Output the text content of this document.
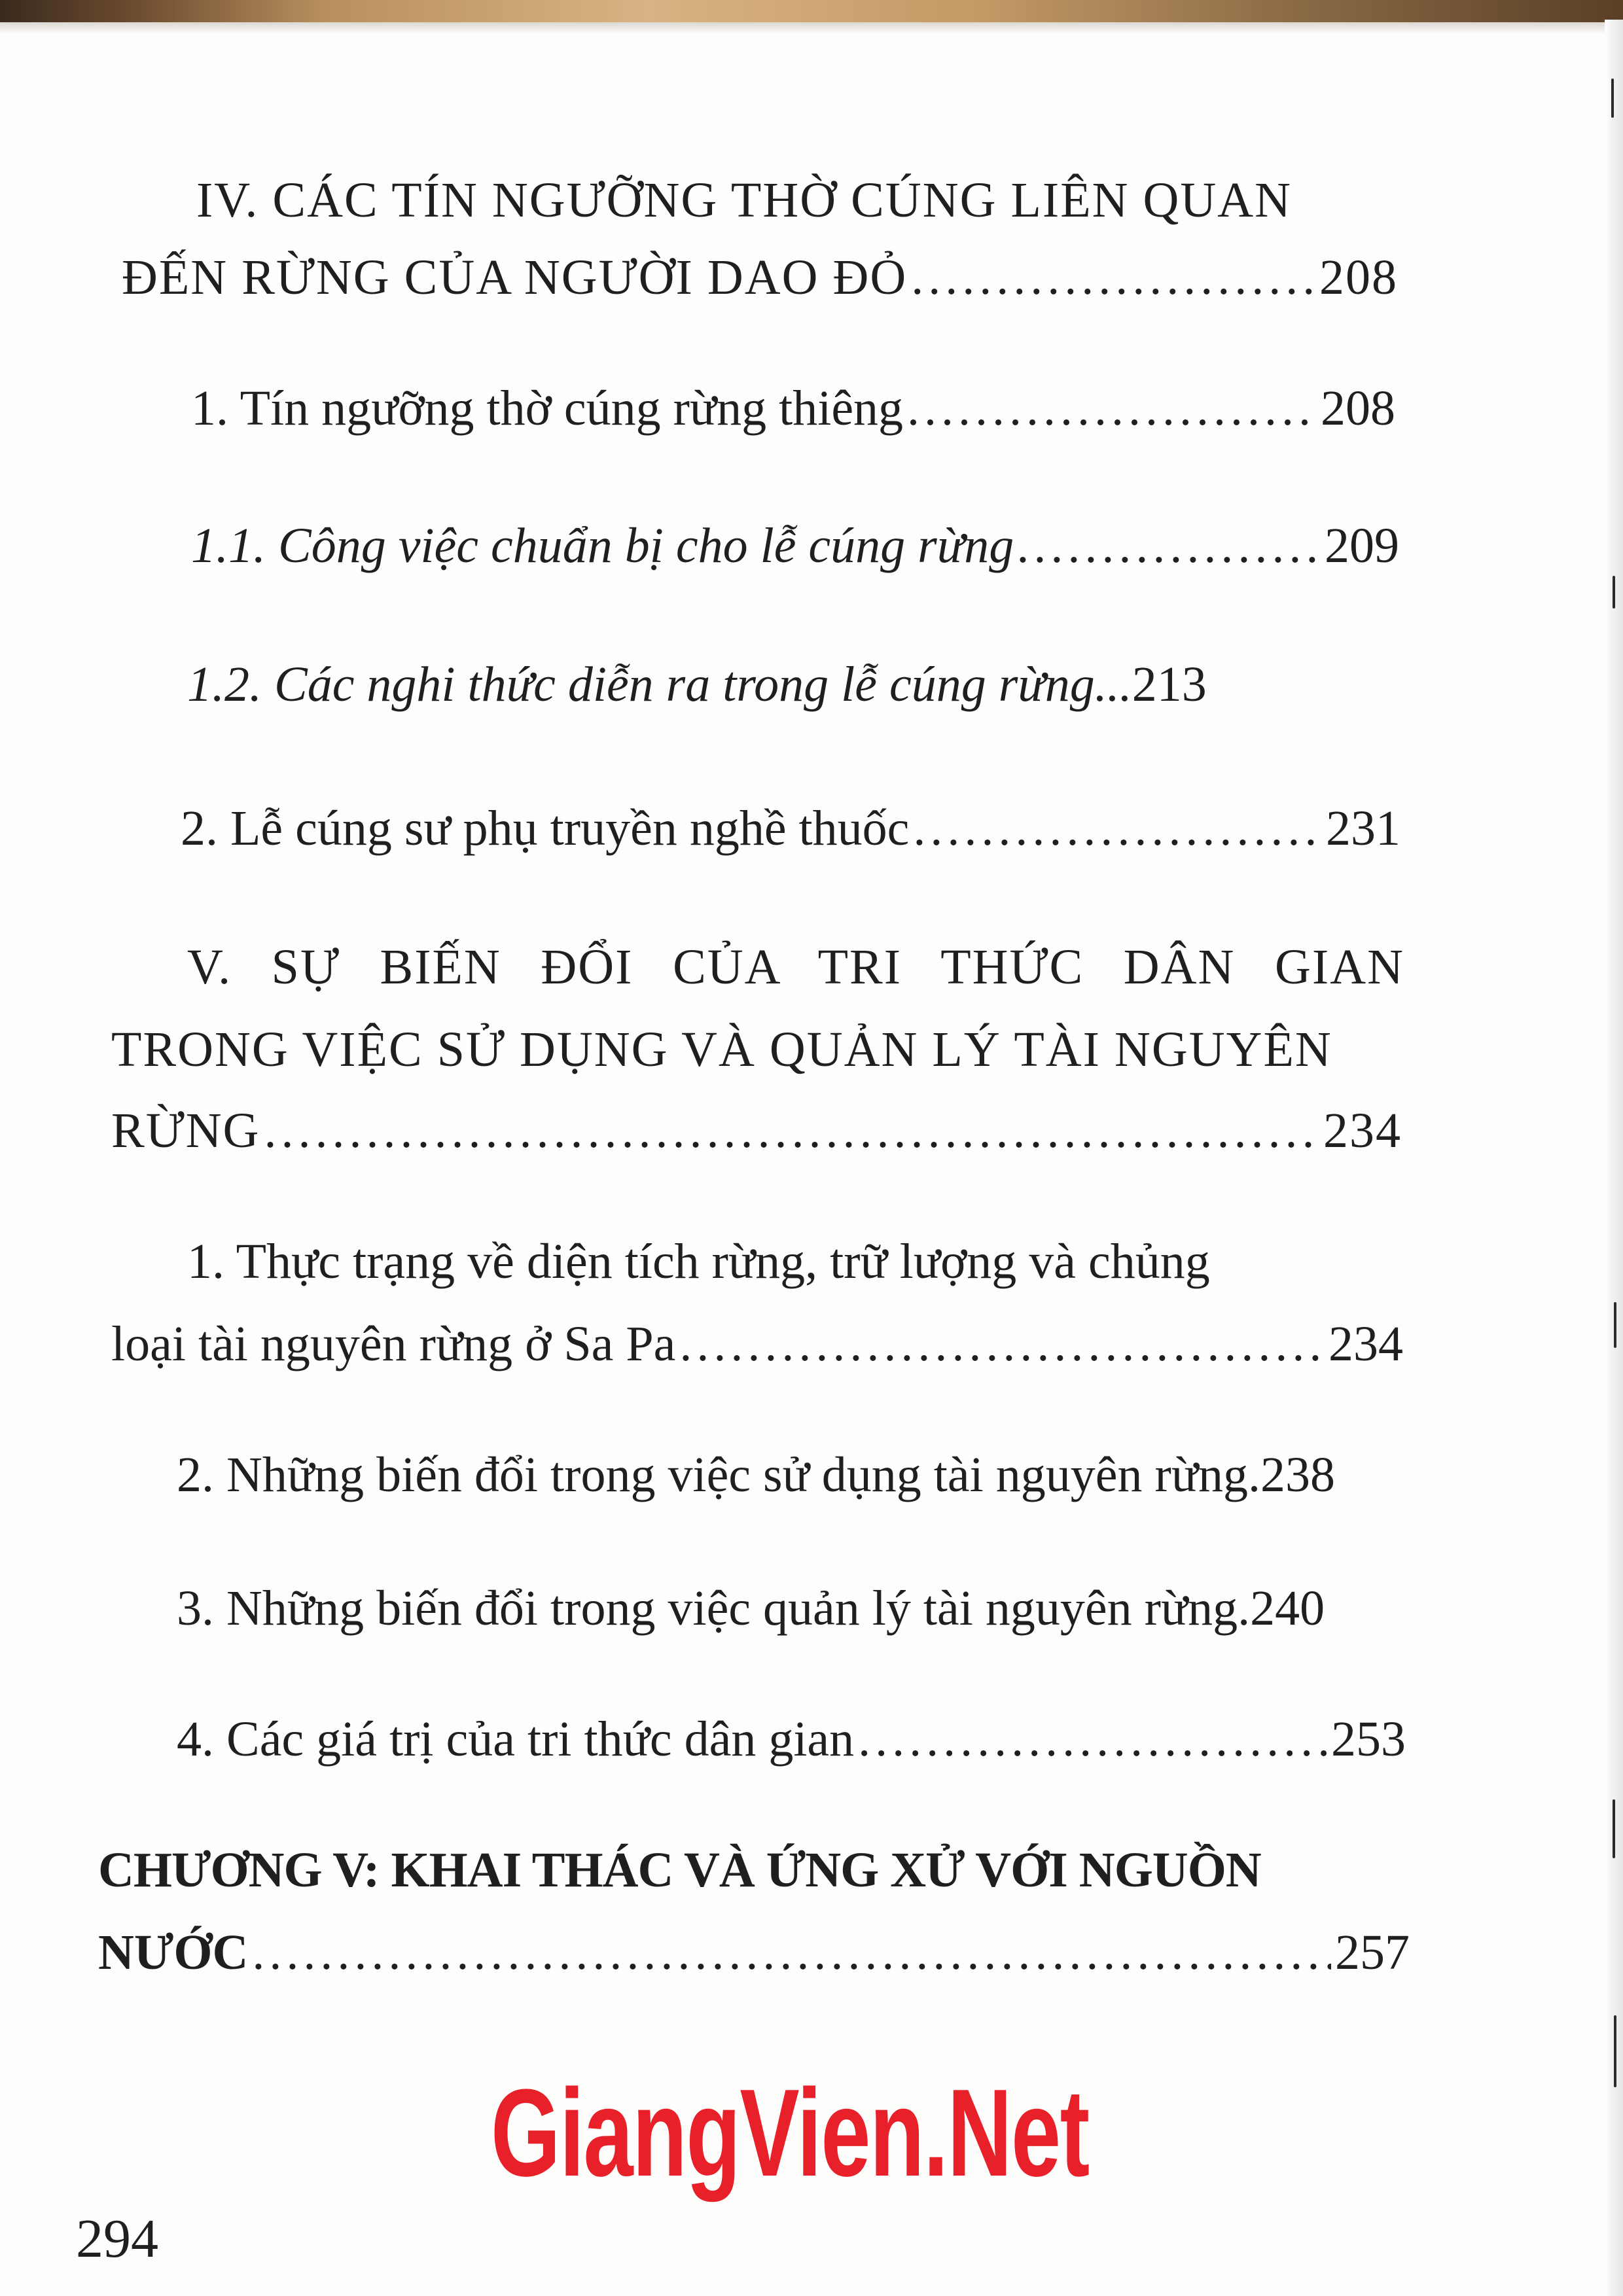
IV. CÁC TÍN NGƯỠNG THỜ CÚNG LIÊN QUAN
ĐẾN RỪNG CỦA NGƯỜI DAO ĐỎ . . .	208
1. Tín ngưỡng thờ cúng rừng thiêng . . .	208
1.1. Công việc chuẩn bị cho lễ cúng rừng . . .	209
1.2. Các nghi thức diễn ra trong lễ cúng rừng...213
2. Lễ cúng sư phụ truyền nghề thuốc . . .	231
V. SỰ BIẾN ĐỔI CỦA TRI THỨC DÂN GIAN
TRONG VIỆC SỬ DỤNG VÀ QUẢN LÝ TÀI NGUYÊN
RỪNG . . .	234
1. Thực trạng về diện tích rừng, trữ lượng và chủng
loại tài nguyên rừng ở Sa Pa . . .	234
2. Những biến đổi trong việc sử dụng tài nguyên rừng.238
3. Những biến đổi trong việc quản lý tài nguyên rừng.240
4. Các giá trị của tri thức dân gian . . .	253
CHƯƠNG V: KHAI THÁC VÀ ỨNG XỬ VỚI NGUỒN
NƯỚC . . .	257
GiangVien.Net
294
